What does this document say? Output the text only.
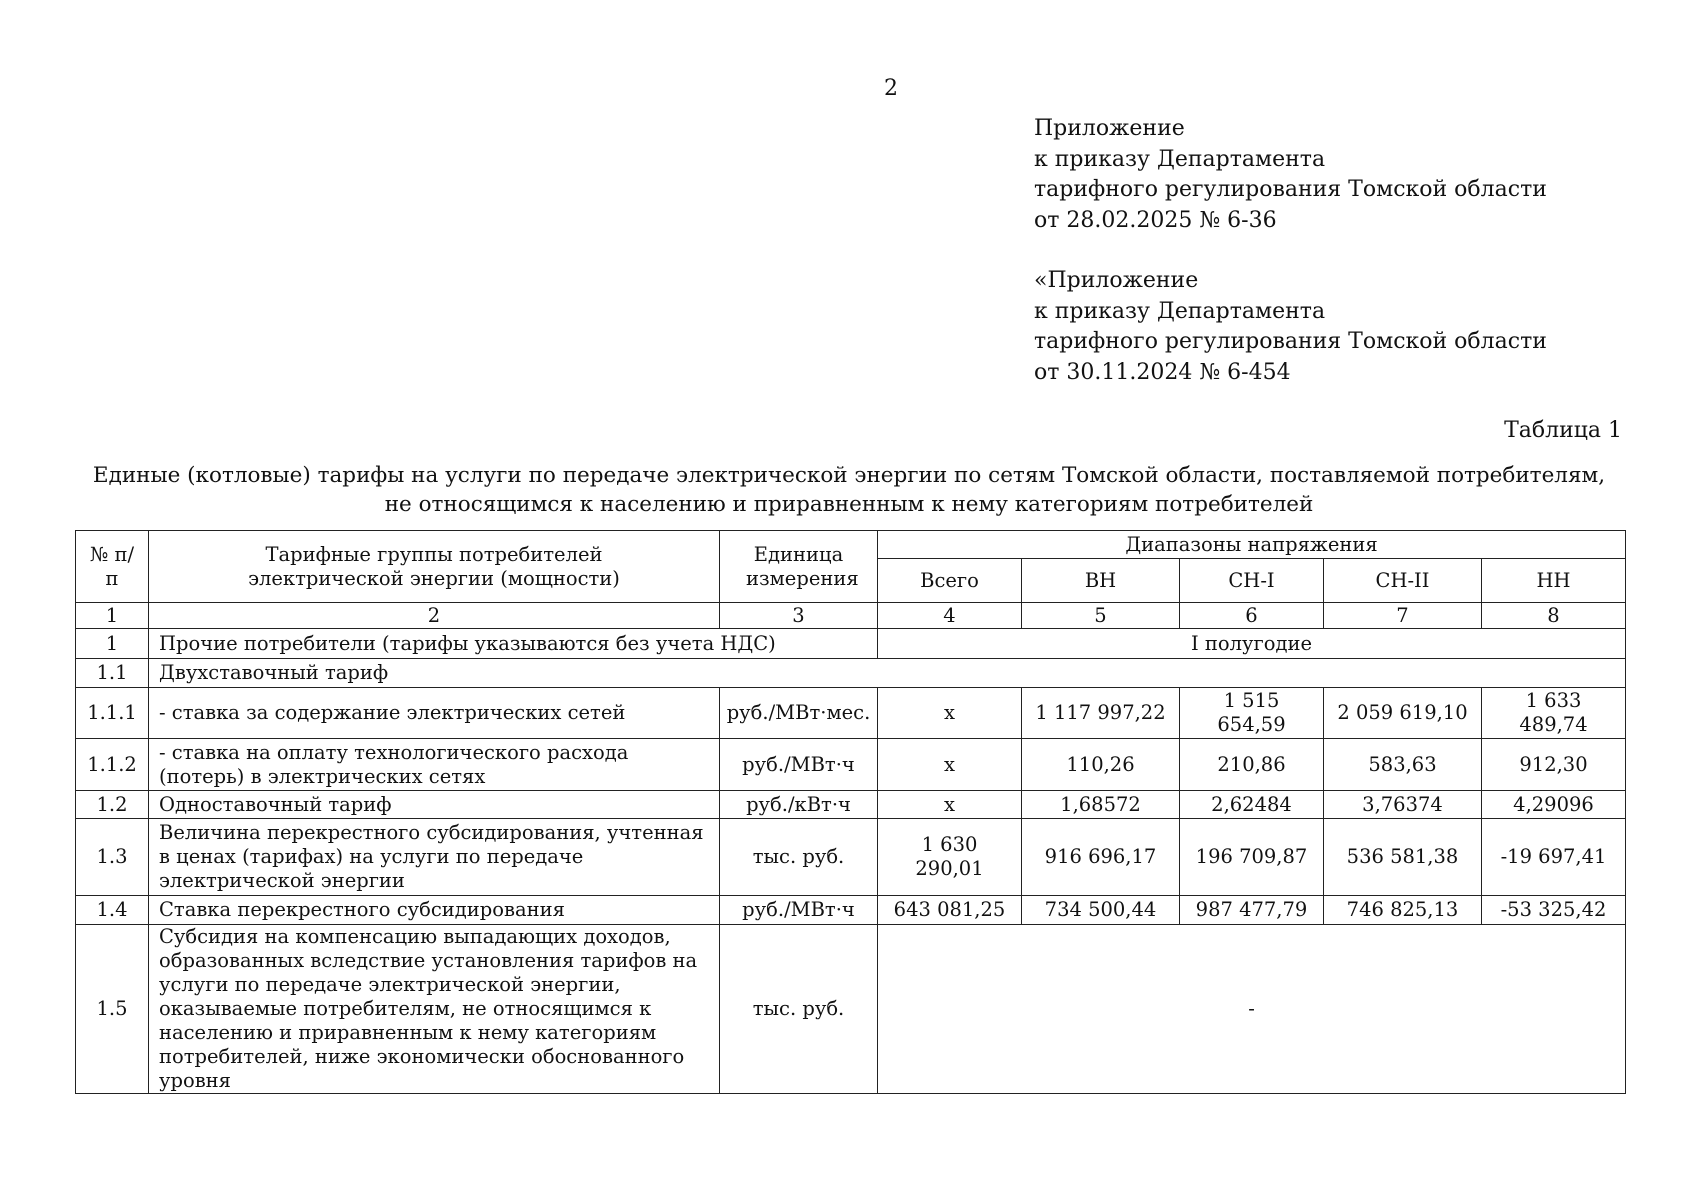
2
Приложение
к приказу Департамента
тарифного регулирования Томской области
от 28.02.2025 № 6-36
«Приложение
к приказу Департамента
тарифного регулирования Томской области
от 30.11.2024 № 6-454
Таблица 1
Единые (котловые) тарифы на услуги по передаче электрической энергии по сетям Томской области, поставляемой потребителям, не относящимся к населению и приравненным к нему категориям потребителей
№ п/п	Тарифные группы потребителей электрической энергии (мощности)	Единица измерения	Диапазоны напряжения				
			Всего	ВН	СН-I	СН-II	НН
1	2	3	4	5	6	7	8
1	Прочие потребители (тарифы указываются без учета НДС)		I полугодие				
1.1	Двухставочный тариф						
1.1.1	- ставка за содержание электрических сетей	руб./МВт·мес.	х	1 117 997,22	1 515 654,59	2 059 619,10	1 633 489,74
1.1.2	- ставка на оплату технологического расхода (потерь) в электрических сетях	руб./МВт·ч	х	110,26	210,86	583,63	912,30
1.2	Одноставочный тариф	руб./кВт·ч	х	1,68572	2,62484	3,76374	4,29096
1.3	Величина перекрестного субсидирования, учтенная в ценах (тарифах) на услуги по передаче электрической энергии	тыс. руб.	1 630 290,01	916 696,17	196 709,87	536 581,38	-19 697,41
1.4	Ставка перекрестного субсидирования	руб./МВт·ч	643 081,25	734 500,44	987 477,79	746 825,13	-53 325,42
1.5	Субсидия на компенсацию выпадающих доходов, образованных вследствие установления тарифов на услуги по передаче электрической энергии, оказываемые потребителям, не относящимся к населению и приравненным к нему категориям потребителей, ниже экономически обоснованного уровня	тыс. руб.	-				
